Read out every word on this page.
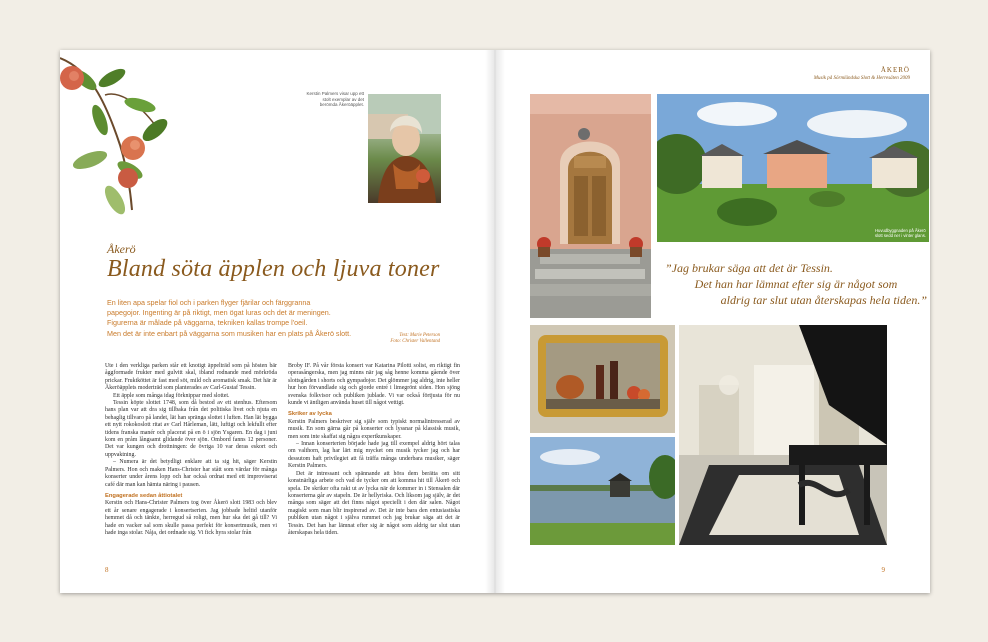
Kerstin Palmers visar upp ett stolt exemplar av det berömda Åkeröäpplet.
Åkerö
Bland söta äpplen och ljuva toner
En liten apa spelar fiol och i parken flyger fjärilar och färggranna
papegojor. Ingenting är på riktigt, men ögat luras och det är meningen.
Figurerna är målade på väggarna, tekniken kallas trompe l'oeil.
Men det är inte enbart på väggarna som musiken har en plats på Åkerö slott.	Text: Marie Peterson
Foto: Christer Vallentand

Ute i den verkliga parken står ett knotigt äppelträd som på hösten bär åggformade frukter med gulvitt skal, ibland rodnande med mörkröda prickar. Fruktköttet är fast med söt, mild och aromatisk smak. Det här är Åkeröäpplets moderträd som planterades av Carl-Gustaf Tessin.

Ett äpple som många idag förknippar med slottet.

Tessin köpte slottet 1748, som då bestod av ett stenhus. Eftersom hans plan var att dra sig tillbaka från det politiska livet och njuta en behaglig tillvaro på landet, lät han spränga slottet i luften. Han lät bygga ett nytt rokokoslott ritat av Carl Hårleman, lätt, luftigt och lekfullt efter tidens franska manér och placerat på en ö i sjön Ysgaren. En dag i juni kom en pråm långsamt glidande över sjön. Ombord fanns 12 personer. Det var kungen och drottningen: de övriga 10 var deras eskort och uppvaktning.

– Numera är det betydligt enklare att ta sig hit, säger Kerstin Palmers. Hon och maken Hans-Christer har stått som värdar för många konserter under årens lopp och har också ordnat med ett improviserat café där man kan hämta näring i pausen.

Engagerade sedan åttiotalet

Kerstin och Hans-Christer Palmers tog över Åkerö slott 1983 och blev ett år senare engagerade i konsertserien. Jag jobbade heltid utanför hemmet då och tänkte, herregud så roligt, men hur ska det gå till? Vi hade en vacker sal som skulle passa perfekt för konsertmusik, men vi hade inga stolar. Nåja, det ordnade sig. Vi fick hyra stolar från

Broby IF. På vår första konsert var Katarina Pilotti solist, en riktigt fin operasångerska, men jag minns när jag såg henne komma gående över slottsgården i shorts och gympadojor. Det glömmer jag aldrig, inte heller hur hon förvandlade sig och gjorde entré i limegrönt siden. Hon sjöng svenska folkvisor och publiken jublade. Vi var också förtjusta för nu kunde vi äntligen använda huset till något vettigt.

Skriker av lycka

Kerstin Palmers beskriver sig själv som typiskt normalintresserad av musik. En som gärna går på konserter och lyssnar på klassisk musik, men som inte skaffat sig några expertkunskaper.

– Innan konserterien började hade jag till exempel aldrig hört talas om valthorn, lag har lärt mig mycket om musik tycker jag och har dessutom haft privilegiet att få träffa många underbara musiker, säger Kerstin Palmers.

Det är intressant och spännande att höra dem berätta om sitt konstnärliga arbete och vad de tycker om att komma hit till Åkerö och spela. De skriker ofta rakt ut av lycka när de kommer in i Stensalen där konserterna går av stapeln. De är hellyriska. Och liksom jag själv, är det många som säger att det finns något speciellt i den där salen. Något magiskt som man blir inspirerad av. Det är inte bara den entusiastiska publiken utan något i själva rummet och jag brukar säga att det är Tessin. Det han har lämnat efter sig är något som aldrig tar slut utan återskapas hela tiden.

8
ÅKERÖ
Musik på Sörmländska Slott & Herresäten 2009
Huvudbyggnaden på Åkerö slott sedd ner i vinter glans.
”Jag brukar säga att det är Tessin.
Det han har lämnat efter sig är något som
aldrig tar slut utan återskapas hela tiden.”
9
